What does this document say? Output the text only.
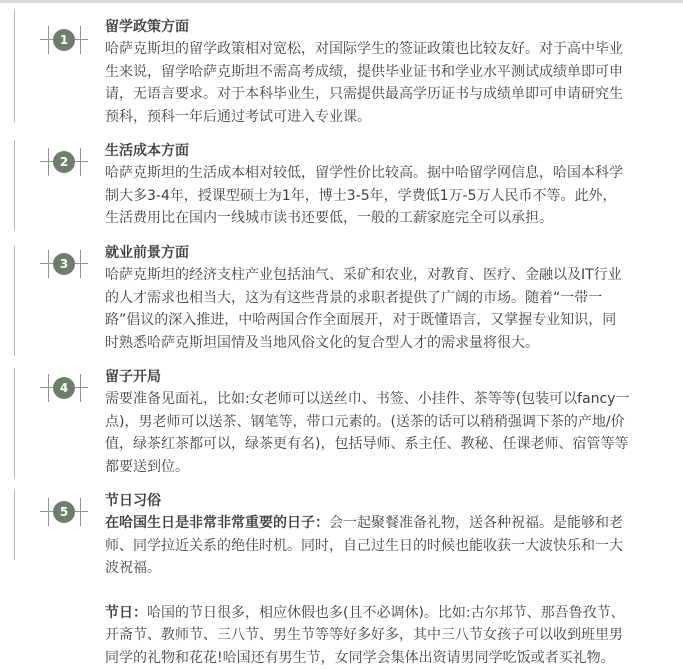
1
留学政策方面

哈萨克斯坦的留学政策相对宽松，对国际学生的签证政策也比较友好。对于高中毕业

生来说，留学哈萨克斯坦不需高考成绩，提供毕业证书和学业水平测试成绩单即可申

请，无语言要求。对于本科毕业生，只需提供最高学历证书与成绩单即可申请研究生

预科，预科一年后通过考试可进入专业课。

2
生活成本方面

哈萨克斯坦的生活成本相对较低，留学性价比较高。据中哈留学网信息，哈国本科学

制大多3-4年，授课型硕士为1年，博士3-5年，学费低1万-5万人民币不等。此外，

生活费用比在国内一线城市读书还要低，一般的工薪家庭完全可以承担。

3
就业前景方面

哈萨克斯坦的经济支柱产业包括油气、采矿和农业，对教育、医疗、金融以及IT行业

的人才需求也相当大，这为有这些背景的求职者提供了广阔的市场。随着“一带一

路”倡议的深入推进，中哈两国合作全面展开，对于既懂语言，又掌握专业知识，同

时熟悉哈萨克斯坦国情及当地风俗文化的复合型人才的需求量将很大。

4
留子开局

需要准备见面礼，比如:女老师可以送丝巾、书签、小挂件、茶等等(包装可以fancy一

点)，男老师可以送茶、钢笔等，带口元素的。(送茶的话可以稍稍强调下茶的产地/价

值，绿茶红茶都可以，绿茶更有名)，包括导师、系主任、教秘、任课老师、宿管等等

都要送到位。

5
节日习俗

在哈国生日是非常非常重要的日子：会一起聚餐准备礼物，送各种祝福。是能够和老

师、同学拉近关系的绝佳时机。同时，自己过生日的时候也能收获一大波快乐和一大

波祝福。

节日：哈国的节日很多，相应休假也多(且不必调休)。比如:古尔邦节、那吾鲁孜节、

开斋节、教师节、三八节、男生节等等好多好多，其中三八节女孩子可以收到班里男

同学的礼物和花花!哈国还有男生节，女同学会集体出资请男同学吃饭或者买礼物。
